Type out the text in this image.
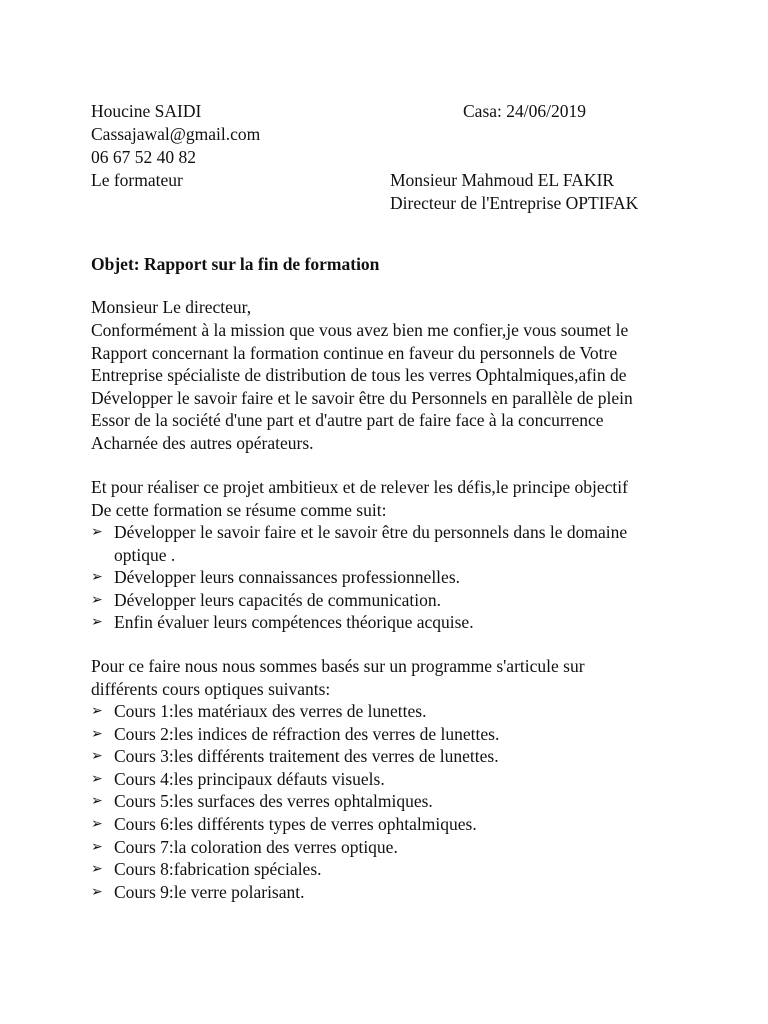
Houcine SAIDI
Cassajawal@gmail.com
06 67 52 40 82
Le formateur
Casa: 24/06/2019
Monsieur Mahmoud EL FAKIR
Directeur de l'Entreprise OPTIFAK
Objet: Rapport sur la fin de formation
Monsieur Le directeur,
Conformément à la mission que vous avez bien me confier,je vous soumet le
Rapport concernant la formation continue en faveur du personnels de Votre
Entreprise spécialiste de distribution de tous les verres Ophtalmiques,afin de
Développer le savoir faire et le savoir être du Personnels en parallèle de plein
Essor de la société d'une part et d'autre part de faire face à la concurrence
Acharnée des autres opérateurs.
Et pour réaliser ce projet ambitieux et de relever les défis,le principe objectif
De cette formation se résume comme suit:
➢ Développer le savoir faire et le savoir être du personnels dans le domaine
optique .
➢ Développer leurs connaissances professionnelles.
➢ Développer leurs capacités de communication.
➢ Enfin évaluer leurs compétences théorique acquise.
Pour ce faire nous nous sommes basés sur un programme s'articule sur
différents cours optiques suivants:
➢ Cours 1:les matériaux des verres de lunettes.
➢ Cours 2:les indices de réfraction des verres de lunettes.
➢ Cours 3:les différents traitement des verres de lunettes.
➢ Cours 4:les principaux défauts visuels.
➢ Cours 5:les surfaces des verres ophtalmiques.
➢ Cours 6:les différents types de verres ophtalmiques.
➢ Cours 7:la coloration des verres optique.
➢ Cours 8:fabrication spéciales.
➢ Cours 9:le verre polarisant.
